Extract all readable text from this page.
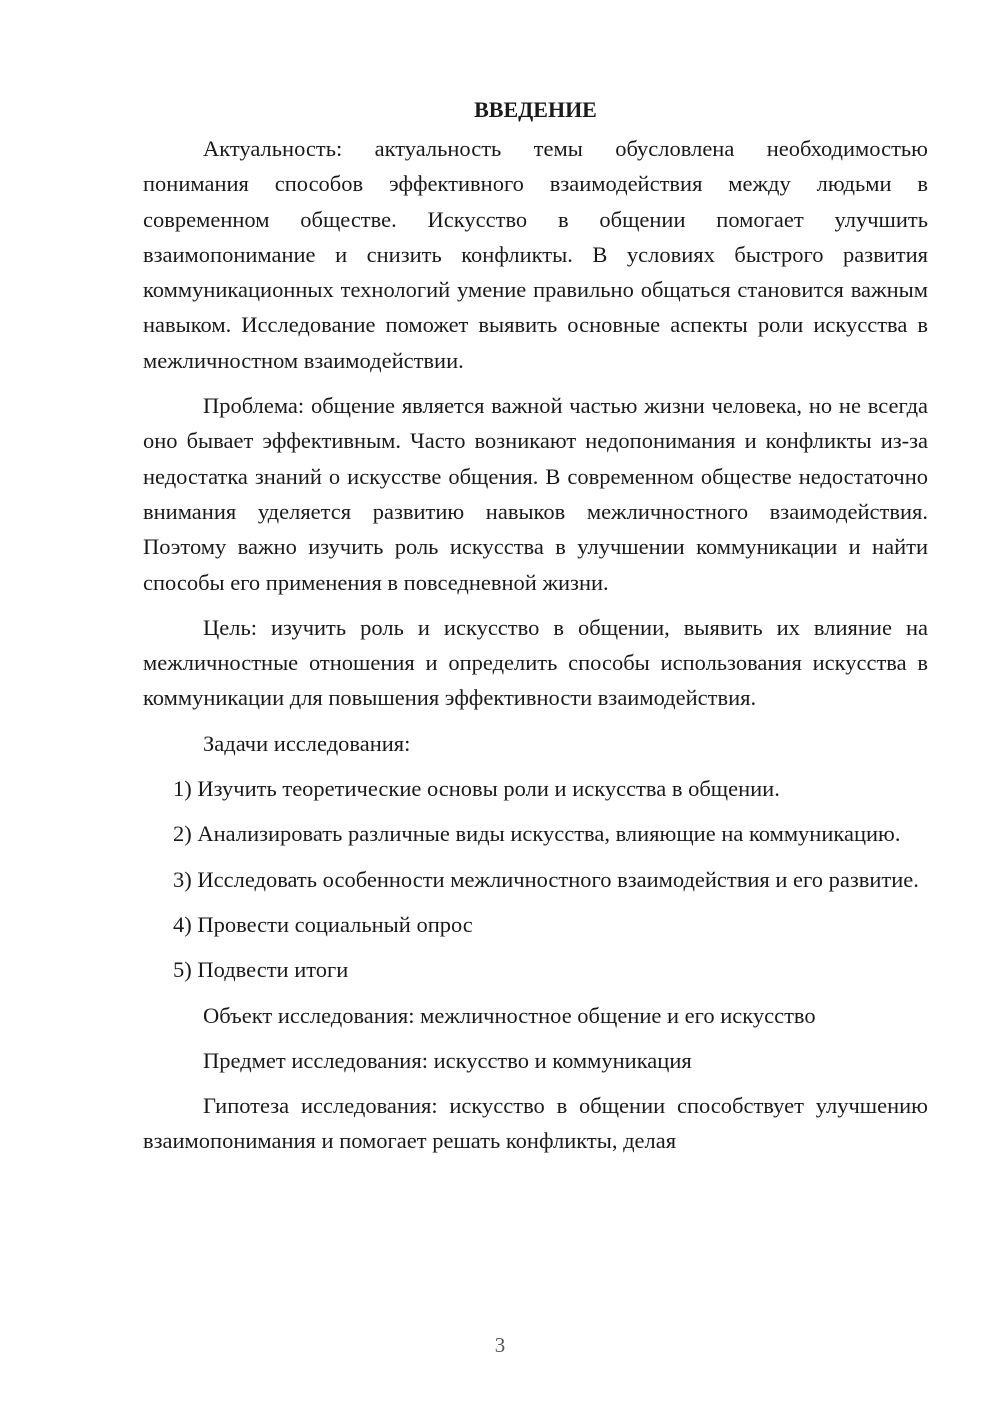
ВВЕДЕНИЕ

Актуальность: актуальность темы обусловлена необходимостью понимания способов эффективного взаимодействия между людьми в современном обществе. Искусство в общении помогает улучшить взаимопонимание и снизить конфликты. В условиях быстрого развития коммуникационных технологий умение правильно общаться становится важным навыком. Исследование поможет выявить основные аспекты роли искусства в межличностном взаимодействии.

Проблема: общение является важной частью жизни человека, но не всегда оно бывает эффективным. Часто возникают недопонимания и конфликты из-за недостатка знаний о искусстве общения. В современном обществе недостаточно внимания уделяется развитию навыков межличностного взаимодействия. Поэтому важно изучить роль искусства в улучшении коммуникации и найти способы его применения в повседневной жизни.

Цель: изучить роль и искусство в общении, выявить их влияние на межличностные отношения и определить способы использования искусства в коммуникации для повышения эффективности взаимодействия.

Задачи исследования:

1) Изучить теоретические основы роли и искусства в общении.

2) Анализировать различные виды искусства, влияющие на коммуникацию.

3) Исследовать особенности межличностного взаимодействия и его развитие.

4) Провести социальный опрос

5) Подвести итоги

Объект исследования: межличностное общение и его искусство

Предмет исследования: искусство и коммуникация

Гипотеза исследования: искусство в общении способствует улучшению взаимопонимания и помогает решать конфликты, делая

3
